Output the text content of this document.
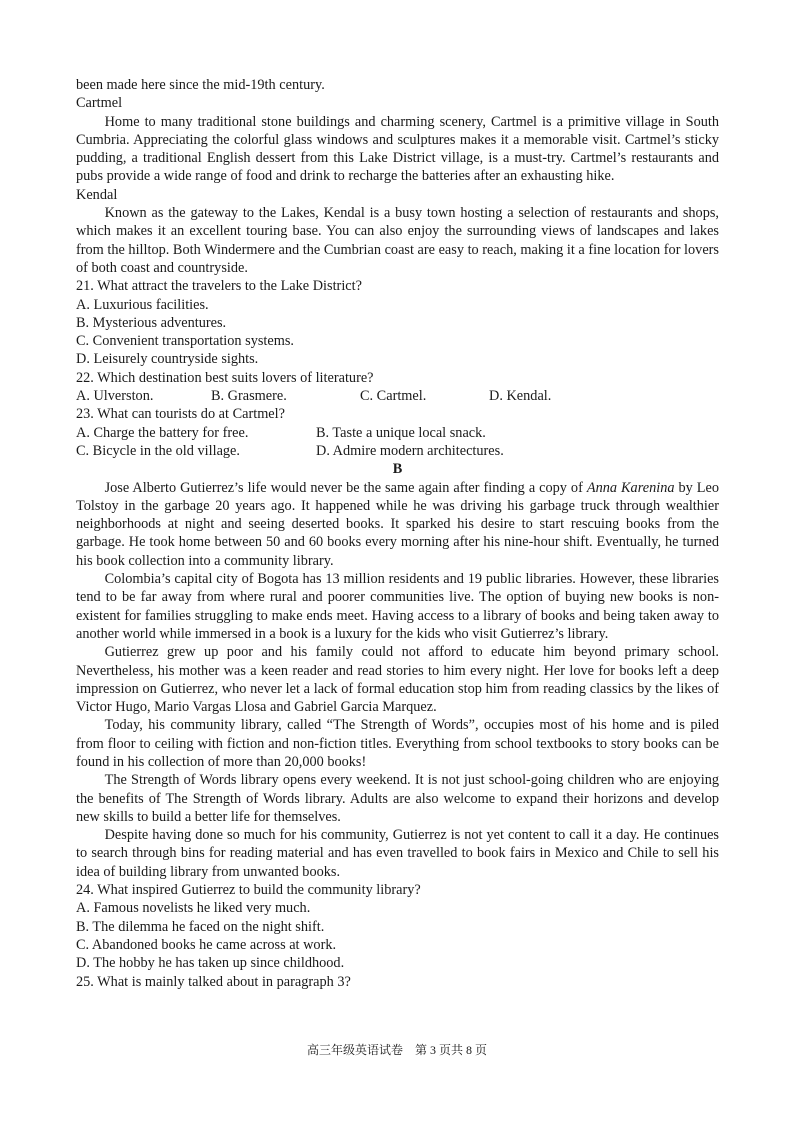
been made here since the mid-19th century.
Cartmel

Home to many traditional stone buildings and charming scenery, Cartmel is a primitive village in South Cumbria. Appreciating the colorful glass windows and sculptures makes it a memorable visit. Cartmel’s sticky pudding, a traditional English dessert from this Lake District village, is a must-try. Cartmel’s restaurants and pubs provide a wide range of food and drink to recharge the batteries after an exhausting hike.

Kendal

Known as the gateway to the Lakes, Kendal is a busy town hosting a selection of restaurants and shops, which makes it an excellent touring base. You can also enjoy the surrounding views of landscapes and lakes from the hilltop. Both Windermere and the Cumbrian coast are easy to reach, making it a fine location for lovers of both coast and countryside.

21. What attract the travelers to the Lake District?
A. Luxurious facilities.
B. Mysterious adventures.
C. Convenient transportation systems.
D. Leisurely countryside sights.
22. Which destination best suits lovers of literature?
A. Ulverston.	B. Grasmere.	C. Cartmel.	D. Kendal.
23. What can tourists do at Cartmel?
A. Charge the battery for free.	B. Taste a unique local snack.
C. Bicycle in the old village.	D. Admire modern architectures.
B

Jose Alberto Gutierrez’s life would never be the same again after finding a copy of Anna Karenina by Leo Tolstoy in the garbage 20 years ago. It happened while he was driving his garbage truck through wealthier neighborhoods at night and seeing deserted books. It sparked his desire to start rescuing books from the garbage. He took home between 50 and 60 books every morning after his nine-hour shift. Eventually, he turned his book collection into a community library.

Colombia’s capital city of Bogota has 13 million residents and 19 public libraries. However, these libraries tend to be far away from where rural and poorer communities live. The option of buying new books is non-existent for families struggling to make ends meet. Having access to a library of books and being taken away to another world while immersed in a book is a luxury for the kids who visit Gutierrez’s library.

Gutierrez grew up poor and his family could not afford to educate him beyond primary school. Nevertheless, his mother was a keen reader and read stories to him every night. Her love for books left a deep impression on Gutierrez, who never let a lack of formal education stop him from reading classics by the likes of Victor Hugo, Mario Vargas Llosa and Gabriel Garcia Marquez.

Today, his community library, called “The Strength of Words”, occupies most of his home and is piled from floor to ceiling with fiction and non-fiction titles. Everything from school textbooks to story books can be found in his collection of more than 20,000 books!

The Strength of Words library opens every weekend. It is not just school-going children who are enjoying the benefits of The Strength of Words library. Adults are also welcome to expand their horizons and develop new skills to build a better life for themselves.

Despite having done so much for his community, Gutierrez is not yet content to call it a day. He continues to search through bins for reading material and has even travelled to book fairs in Mexico and Chile to sell his idea of building library from unwanted books.

24. What inspired Gutierrez to build the community library?
A. Famous novelists he liked very much.
B. The dilemma he faced on the night shift.
C. Abandoned books he came across at work.
D. The hobby he has taken up since childhood.
25. What is mainly talked about in paragraph 3?
高三年级英语试卷　第 3 页共 8 页
